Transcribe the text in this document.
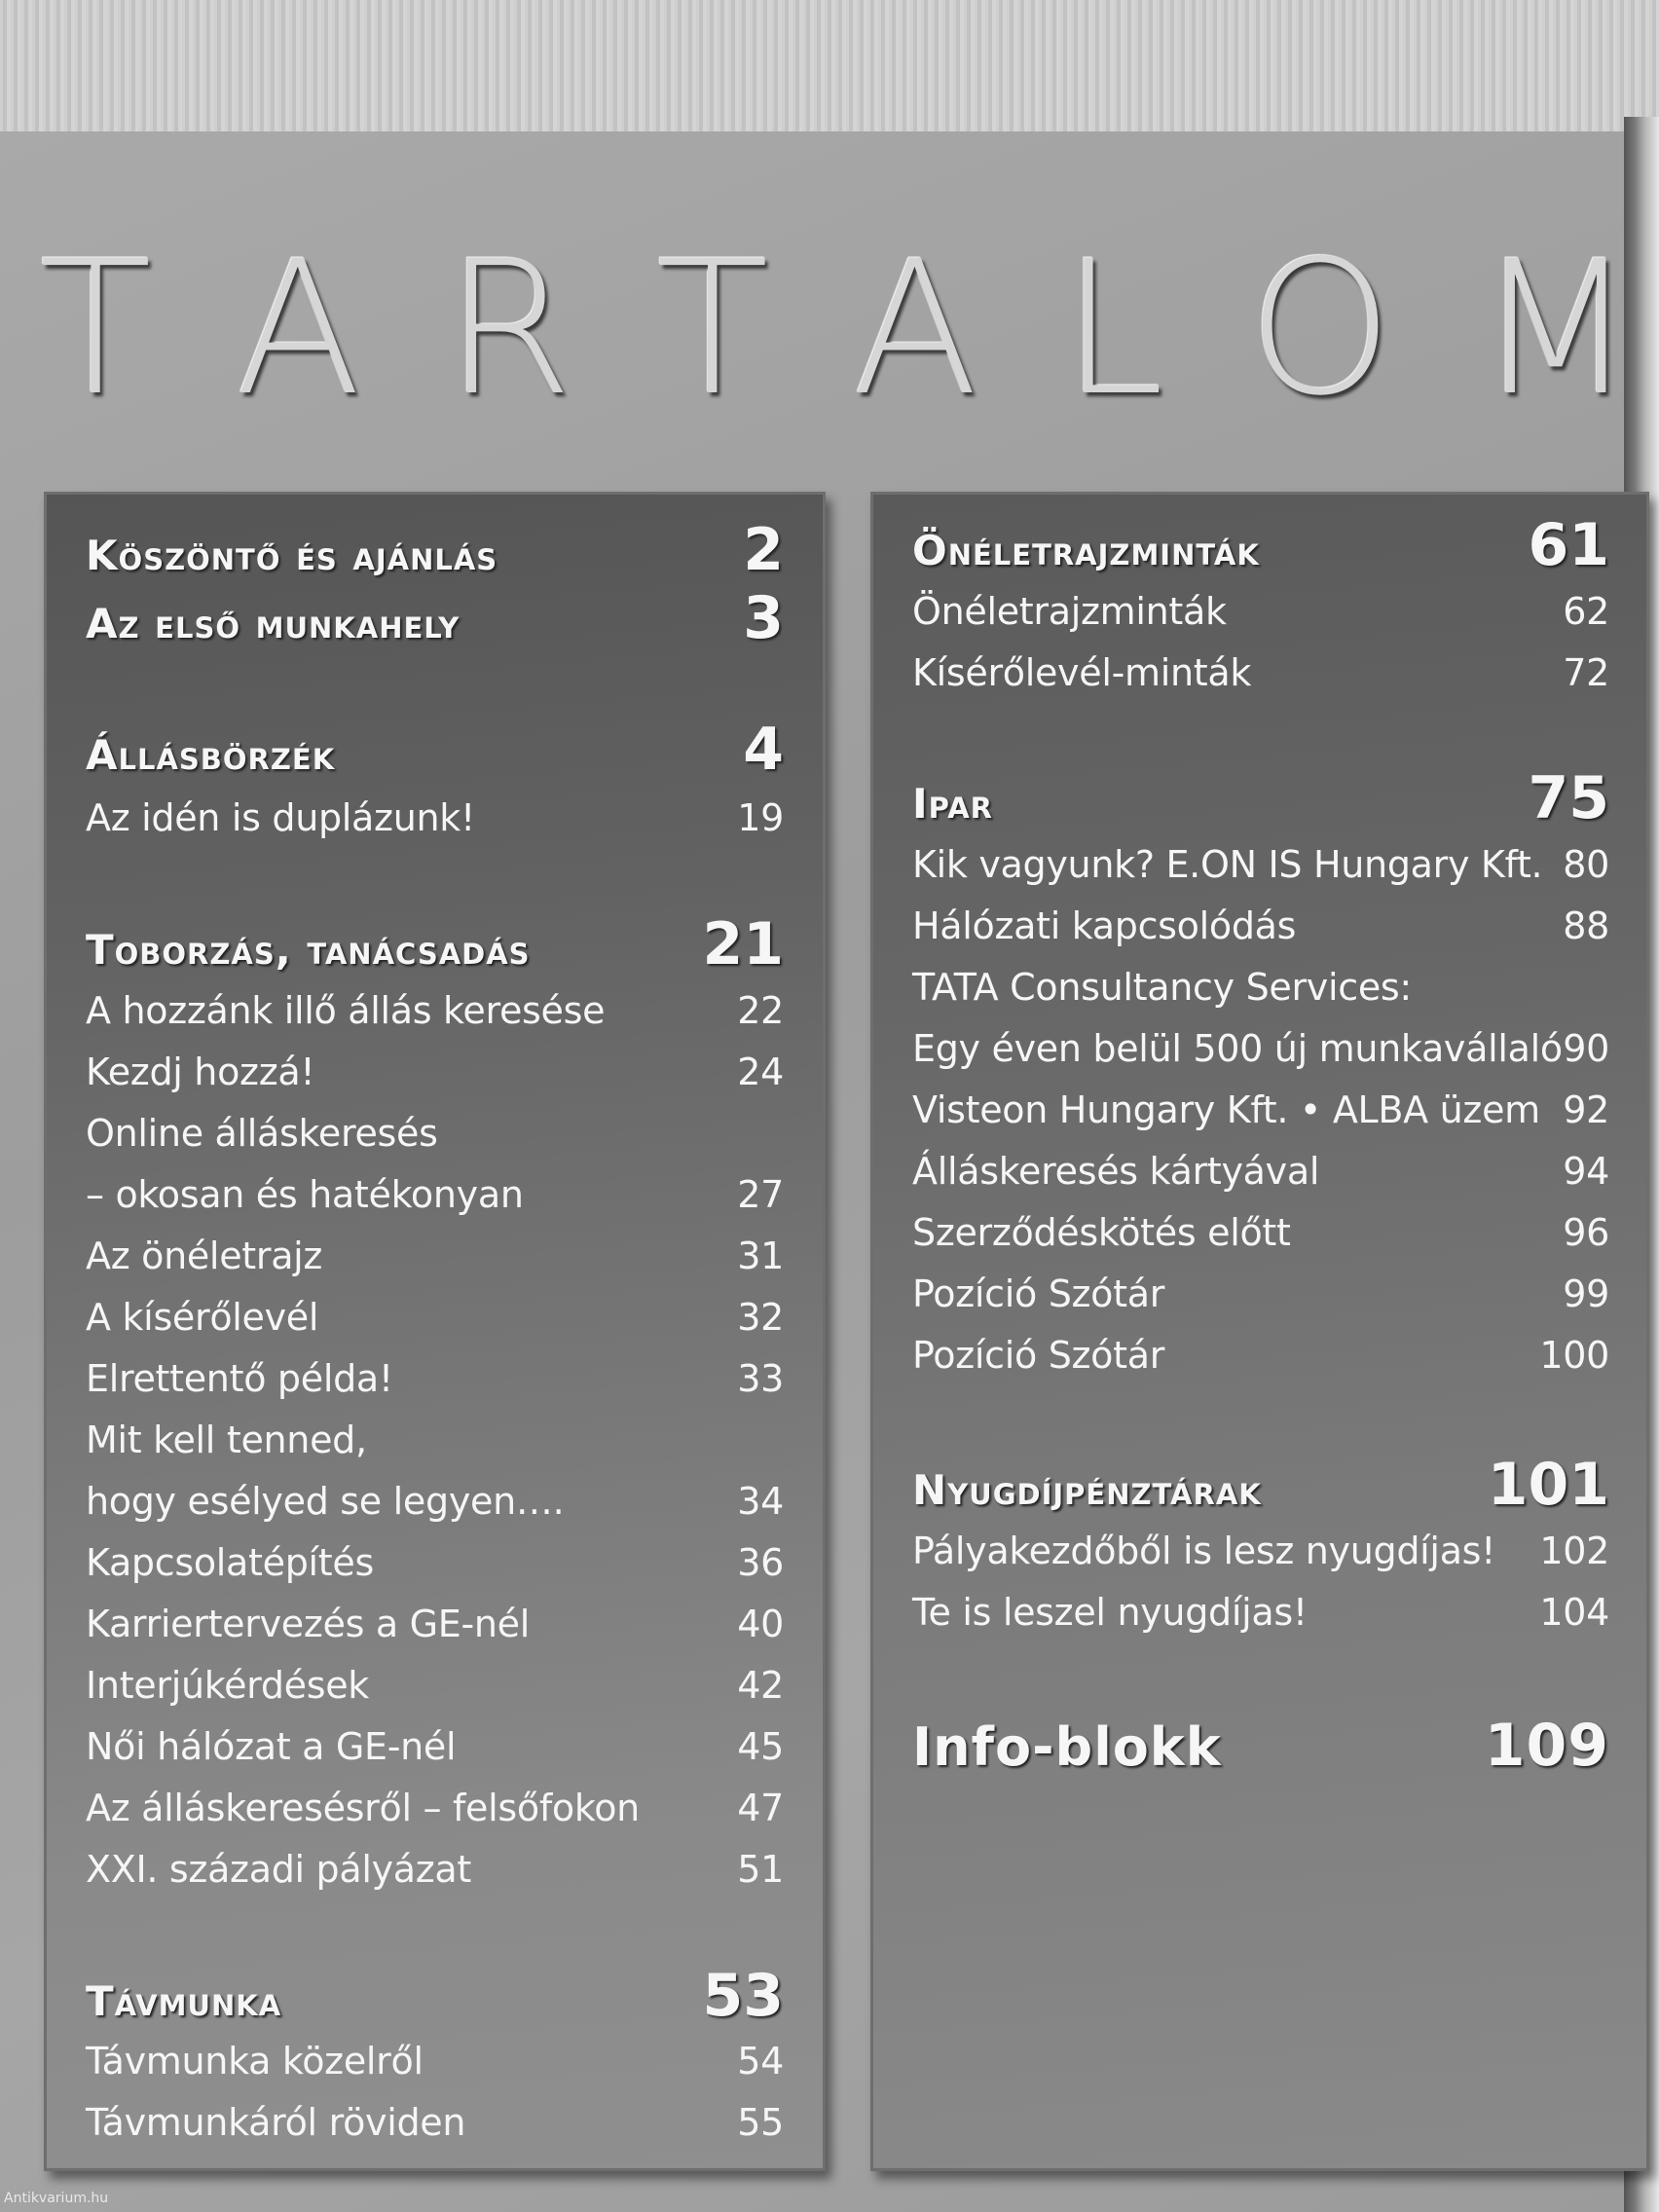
T A R T A L O M
Köszöntő és ajánlás	2
Az első munkahely	3
Állásbörzék	4
Az idén is duplázunk!	19
Toborzás, tanácsadás	21
A hozzánk illő állás keresése	22
Kezdj hozzá!	24
Online álláskeresés
– okosan és hatékonyan	27
Az önéletrajz	31
A kísérőlevél	32
Elrettentő példa!	33
Mit kell tenned,
hogy esélyed se legyen….	34
Kapcsolatépítés	36
Karriertervezés a GE-nél	40
Interjúkérdések	42
Női hálózat a GE-nél	45
Az álláskeresésről – felsőfokon	47
XXI. századi pályázat	51
Távmunka	53
Távmunka közelről	54
Távmunkáról röviden	55
Önéletrajzminták	61
Önéletrajzminták	62
Kísérőlevél-minták	72
Ipar	75
Kik vagyunk? E.ON IS Hungary Kft. 80
Hálózati kapcsolódás	88
TATA Consultancy Services:
Egy éven belül 500 új munkavállaló 90
Visteon Hungary Kft. • ALBA üzem 92
Álláskeresés kártyával	94
Szerződéskötés előtt	96
Pozíció Szótár	99
Pozíció Szótár	100
Nyugdíjpénztárak	101
Pályakezdőből is lesz nyugdíjas! 102
Te is leszel nyugdíjas!	104
Info-blokk	109
Antikvarium.hu
